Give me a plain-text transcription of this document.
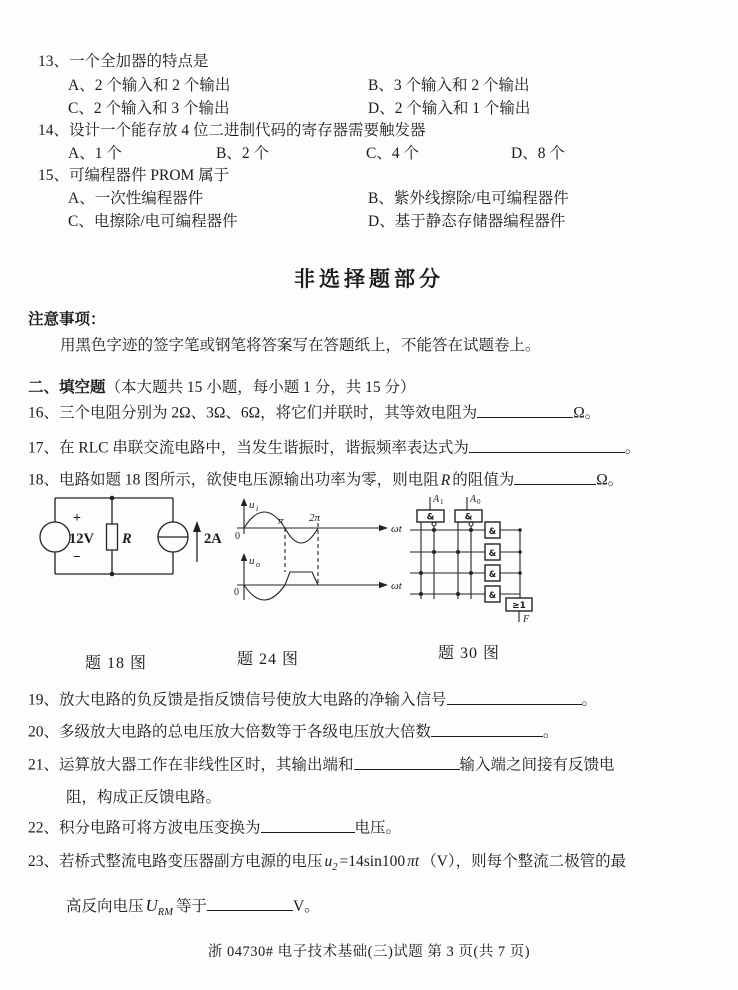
13、一个全加器的特点是
A、2 个输入和 2 个输出	B、3 个输入和 2 个输出
C、2 个输入和 3 个输出	D、2 个输入和 1 个输出
14、设计一个能存放 4 位二进制代码的寄存器需要触发器
A、1 个	B、2 个	C、4 个	D、8 个
15、可编程器件 PROM 属于
A、一次性编程器件	B、紫外线擦除/电可编程器件
C、电擦除/电可编程器件	D、基于静态存储器编程器件
非选择题部分
注意事项：
用黑色字迹的签字笔或钢笔将答案写在答题纸上，不能答在试题卷上。
二、填空题（本大题共 15 小题，每小题 1 分，共 15 分）
16、三个电阻分别为 2Ω、3Ω、6Ω，将它们并联时，其等效电阻为	Ω。
17、在 RLC 串联交流电路中，当发生谐振时，谐振频率表达式为	。
18、电路如题 18 图所示，欲使电压源输出功率为零，则电阻 R 的阻值为	Ω。
+
12V
−
R	2A
题 18 图
u i
0
π 2π
ωt
u o
0
ωt
题 24 图
A 1	A 0
&	&
&
&
&
&
≥1
F
题 30 图
19、放大电路的负反馈是指反馈信号使放大电路的净输入信号	。
20、多级放大电路的总电压放大倍数等于各级电压放大倍数	。
21、运算放大器工作在非线性区时，其输出端和	输入端之间接有反馈电
阻，构成正反馈电路。
22、积分电路可将方波电压变换为	电压。
23、若桥式整流电路变压器副方电源的电压 $u_2 =14\sin 100$ πt （V），则每个整流二极管的最
高反向电压 $U_{RM}$ 等于	V。
浙 04730# 电子技术基础(三)试题 第 3 页(共 7 页)
